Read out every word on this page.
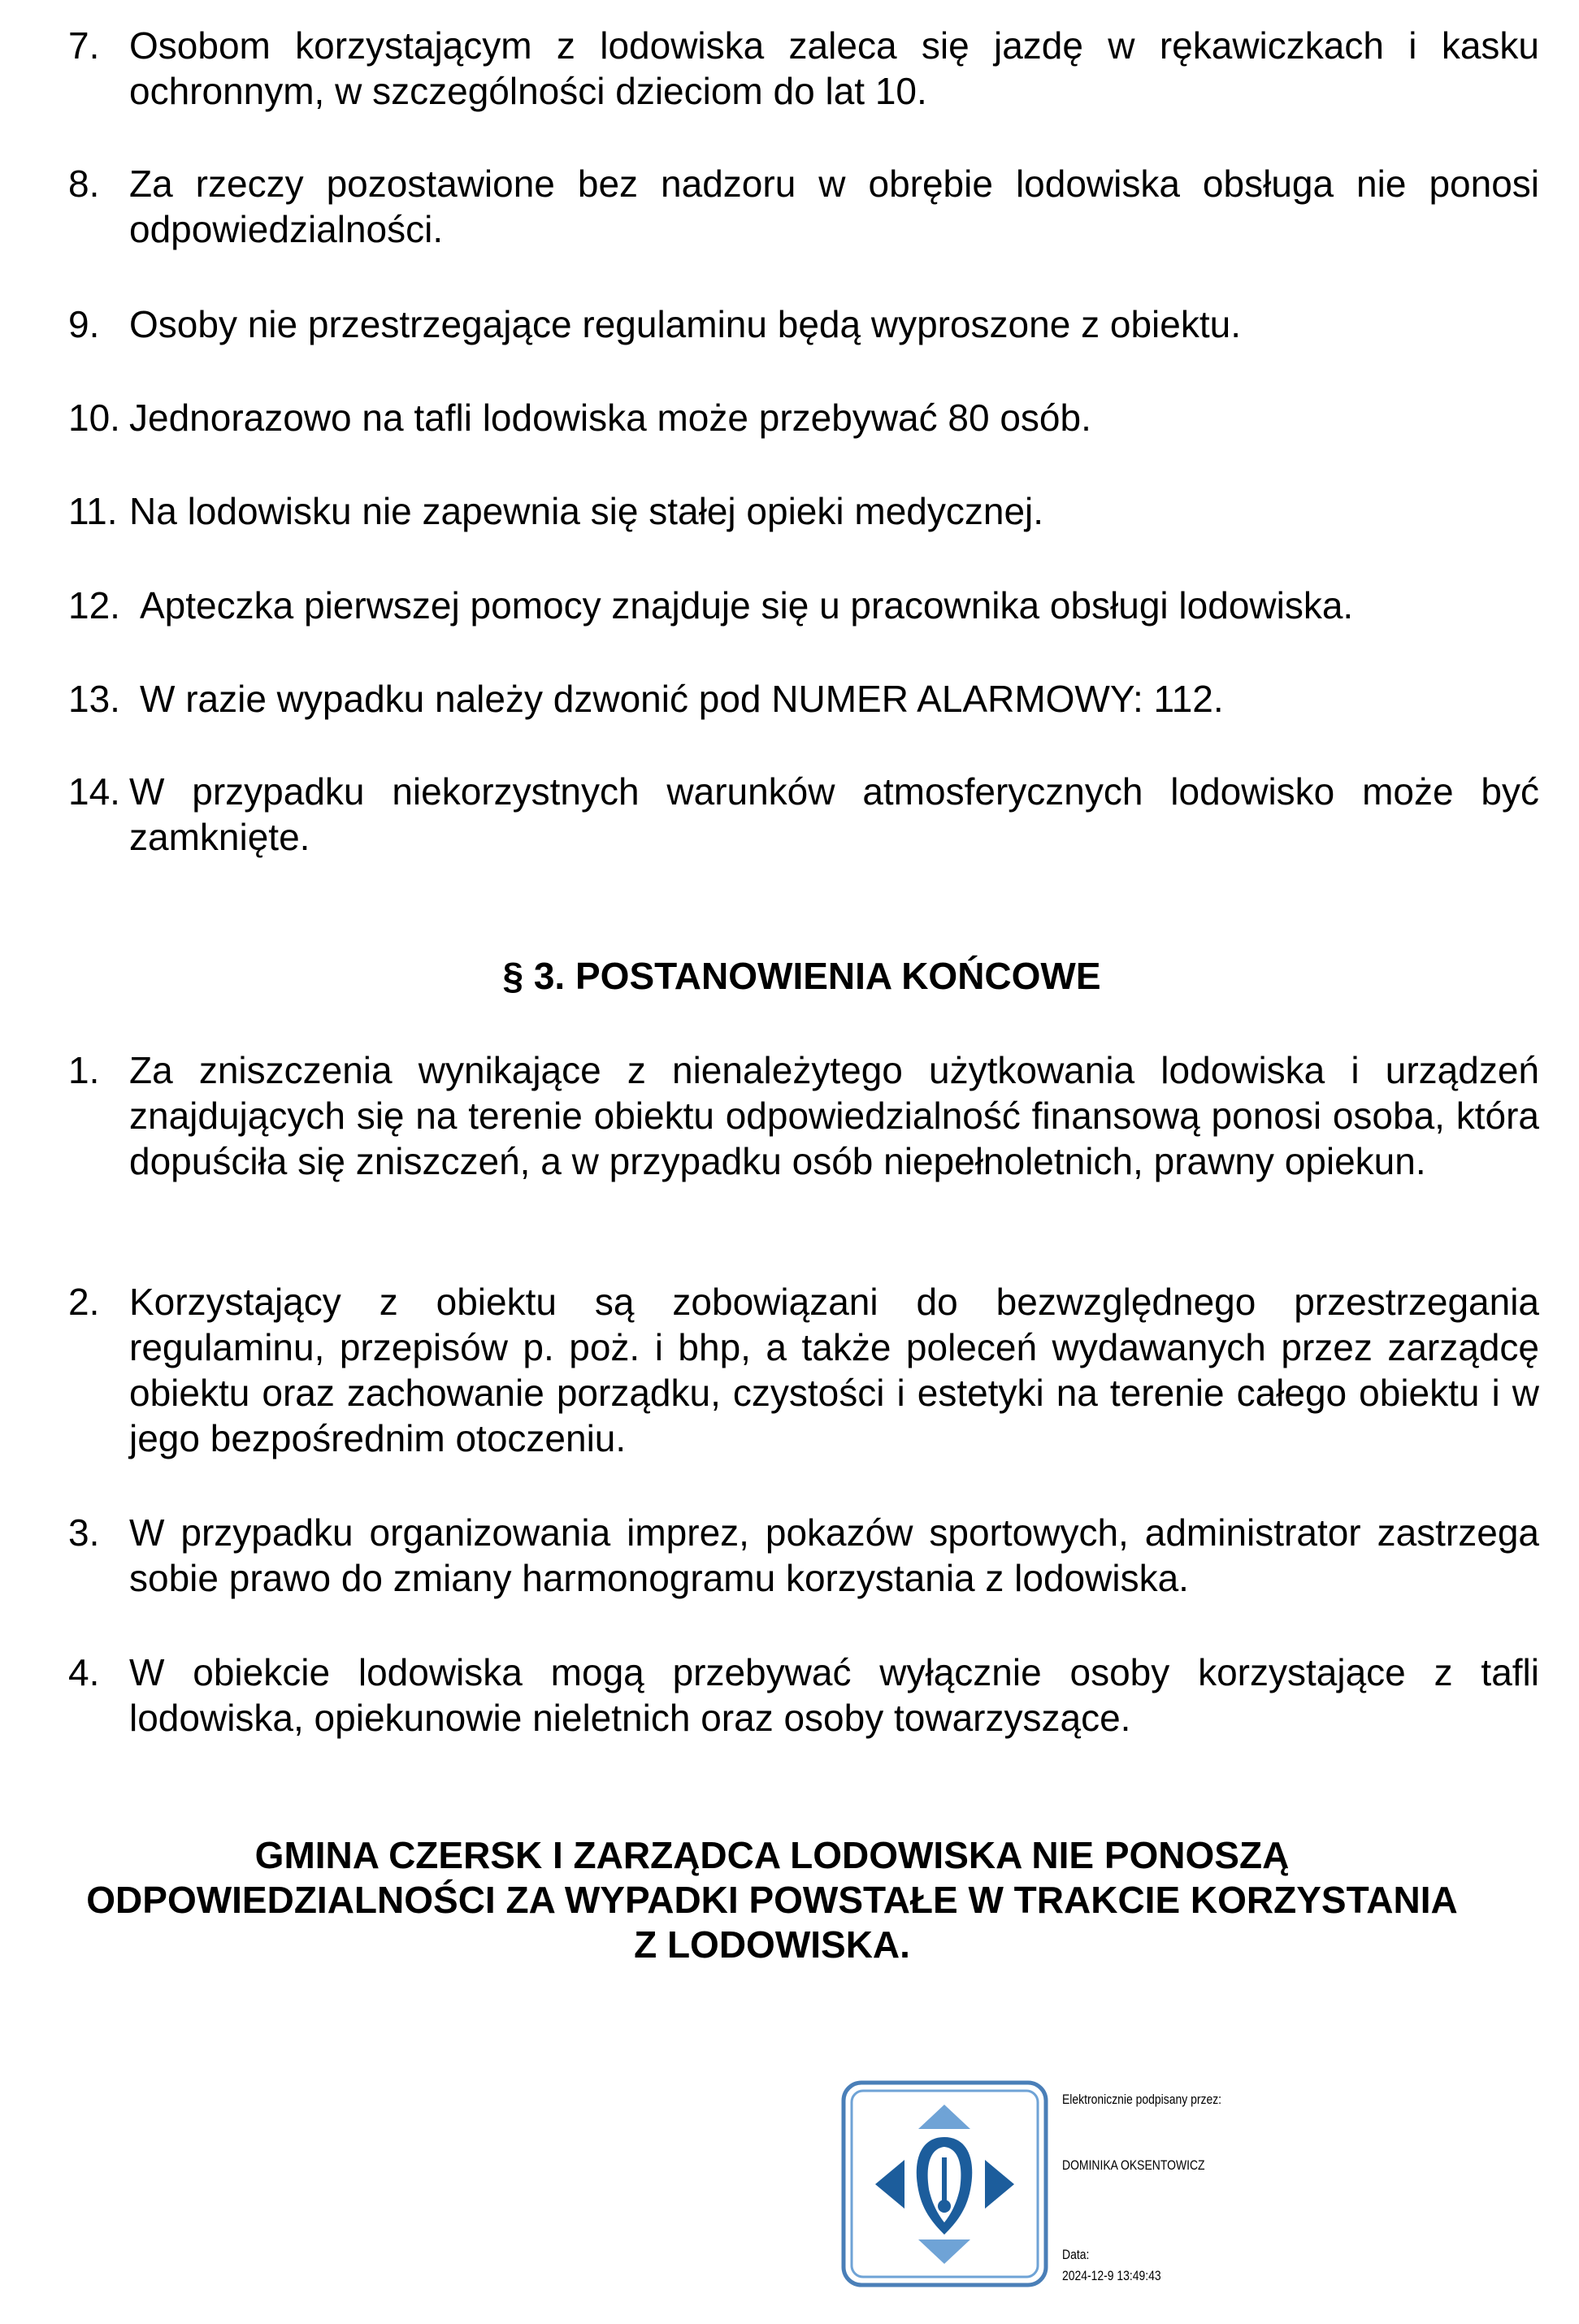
7. Osobom korzystającym z lodowiska zaleca się jazdę w rękawiczkach i kasku ochronnym, w szczególności dzieciom do lat 10.
8. Za rzeczy pozostawione bez nadzoru w obrębie lodowiska obsługa nie ponosi odpowiedzialności.
9. Osoby nie przestrzegające regulaminu będą wyproszone z obiektu.
10. Jednorazowo na tafli lodowiska może przebywać 80 osób.
11. Na lodowisku nie zapewnia się stałej opieki medycznej.
12. Apteczka pierwszej pomocy znajduje się u pracownika obsługi lodowiska.
13. W razie wypadku należy dzwonić pod NUMER ALARMOWY: 112.
14. W przypadku niekorzystnych warunków atmosferycznych lodowisko może być zamknięte.
§ 3. POSTANOWIENIA KOŃCOWE
1. Za zniszczenia wynikające z nienależytego użytkowania lodowiska i urządzeń znajdujących się na terenie obiektu odpowiedzialność finansową ponosi osoba, która dopuściła się zniszczeń, a w przypadku osób niepełnoletnich, prawny opiekun.
2. Korzystający z obiektu są zobowiązani do bezwzględnego przestrzegania regulaminu, przepisów p. poż. i bhp, a także poleceń wydawanych przez zarządcę obiektu oraz zachowanie porządku, czystości i estetyki na terenie całego obiektu i w jego bezpośrednim otoczeniu.
3. W przypadku organizowania imprez, pokazów sportowych, administrator zastrzega sobie prawo do zmiany harmonogramu korzystania z lodowiska.
4. W obiekcie lodowiska mogą przebywać wyłącznie osoby korzystające z tafli lodowiska, opiekunowie nieletnich oraz osoby towarzyszące.
GMINA CZERSK I ZARZĄDCA LODOWISKA NIE PONOSZĄ
ODPOWIEDZIALNOŚCI ZA WYPADKI POWSTAŁE W TRAKCIE KORZYSTANIA
Z LODOWISKA.
Elektronicznie podpisany przez:
DOMINIKA OKSENTOWICZ
Data:
2024-12-9 13:49:43
